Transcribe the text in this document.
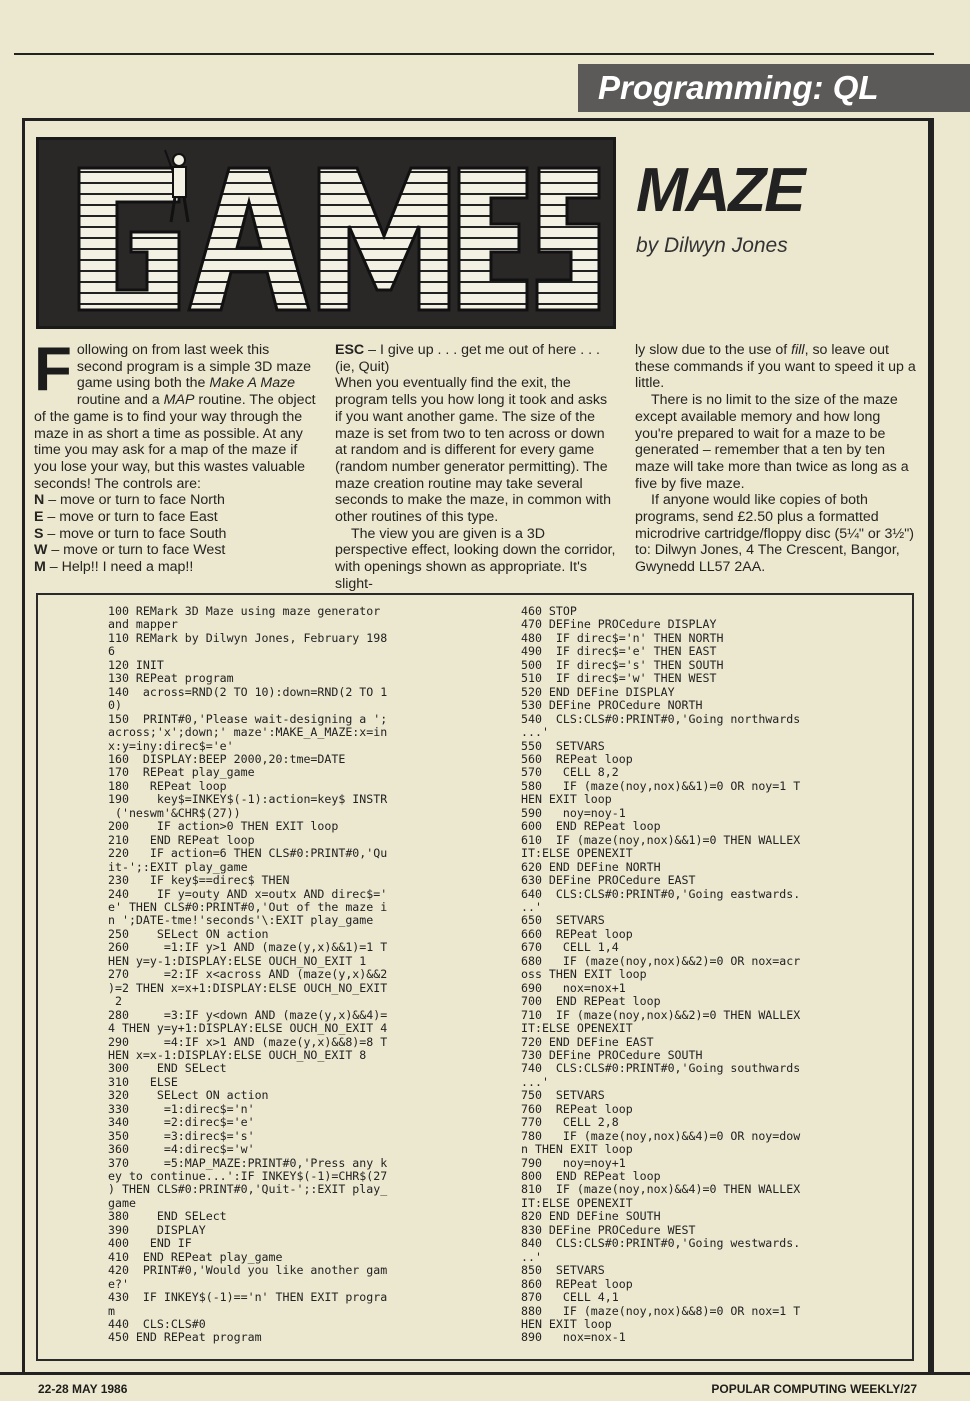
Programming: QL
MAZE
by Dilwyn Jones

Following on from last week this second program is a simple 3D maze game using both the Make A Maze routine and a MAP routine. The object of the game is to find your way through the maze in as short a time as possible. At any time you may ask for a map of the maze if you lose your way, but this wastes valuable seconds! The controls are:

N – move or turn to face North

E – move or turn to face East

S – move or turn to face South

W – move or turn to face West

M – Help!! I need a map!!

ESC – I give up . . . get me out of here . . . (ie, Quit)

When you eventually find the exit, the program tells you how long it took and asks if you want another game. The size of the maze is set from two to ten across or down at random and is different for every game (random number generator permitting). The maze creation routine may take several seconds to make the maze, in common with other routines of this type.

The view you are given is a 3D perspective effect, looking down the corridor, with openings shown as appropriate. It's slight-

ly slow due to the use of fill, so leave out these commands if you want to speed it up a little.

There is no limit to the size of the maze except available memory and how long you're prepared to wait for a maze to be generated – remember that a ten by ten maze will take more than twice as long as a five by five maze.

If anyone would like copies of both programs, send £2.50 plus a formatted microdrive cartridge/floppy disc (5¼" or 3½") to: Dilwyn Jones, 4 The Crescent, Bangor, Gwynedd LL57 2AA.

100 REMark 3D Maze using maze generator
and mapper
110 REMark by Dilwyn Jones, February 198
6
120 INIT
130 REPeat program
140  across=RND(2 TO 10):down=RND(2 TO 1
0)
150  PRINT#0,'Please wait-designing a ';
across;'x';down;' maze':MAKE_A_MAZE:x=in
x:y=iny:direc$='e'
160  DISPLAY:BEEP 2000,20:tme=DATE
170  REPeat play_game
180   REPeat loop
190    key$=INKEY$(-1):action=key$ INSTR
('neswm'&CHR$(27))
200    IF action>0 THEN EXIT loop
210   END REPeat loop
220   IF action=6 THEN CLS#0:PRINT#0,'Qu
it-';:EXIT play_game
230   IF key$==direc$ THEN
240    IF y=outy AND x=outx AND direc$='
e' THEN CLS#0:PRINT#0,'Out of the maze i
n ';DATE-tme!'seconds'\:EXIT play_game
250    SELect ON action
260     =1:IF y>1 AND (maze(y,x)&&1)=1 T
HEN y=y-1:DISPLAY:ELSE OUCH_NO_EXIT 1
270     =2:IF x<across AND (maze(y,x)&&2
)=2 THEN x=x+1:DISPLAY:ELSE OUCH_NO_EXIT
2
280     =3:IF y<down AND (maze(y,x)&&4)=
4 THEN y=y+1:DISPLAY:ELSE OUCH_NO_EXIT 4
290     =4:IF x>1 AND (maze(y,x)&&8)=8 T
HEN x=x-1:DISPLAY:ELSE OUCH_NO_EXIT 8
300    END SELect
310   ELSE
320    SELect ON action
330     =1:direc$='n'
340     =2:direc$='e'
350     =3:direc$='s'
360     =4:direc$='w'
370     =5:MAP_MAZE:PRINT#0,'Press any k
ey to continue...':IF INKEY$(-1)=CHR$(27
) THEN CLS#0:PRINT#0,'Quit-';:EXIT play_
game
380    END SELect
390    DISPLAY
400   END IF
410  END REPeat play_game
420  PRINT#0,'Would you like another gam
e?'
430  IF INKEY$(-1)=='n' THEN EXIT progra
m
440  CLS:CLS#0
450 END REPeat program

460 STOP
470 DEFine PROCedure DISPLAY
480  IF direc$='n' THEN NORTH
490  IF direc$='e' THEN EAST
500  IF direc$='s' THEN SOUTH
510  IF direc$='w' THEN WEST
520 END DEFine DISPLAY
530 DEFine PROCedure NORTH
540  CLS:CLS#0:PRINT#0,'Going northwards
...'
550  SETVARS
560  REPeat loop
570   CELL 8,2
580   IF (maze(noy,nox)&&1)=0 OR noy=1 T
HEN EXIT loop
590   noy=noy-1
600  END REPeat loop
610  IF (maze(noy,nox)&&1)=0 THEN WALLEX
IT:ELSE OPENEXIT
620 END DEFine NORTH
630 DEFine PROCedure EAST
640  CLS:CLS#0:PRINT#0,'Going eastwards.
..'
650  SETVARS
660  REPeat loop
670   CELL 1,4
680   IF (maze(noy,nox)&&2)=0 OR nox=acr
oss THEN EXIT loop
690   nox=nox+1
700  END REPeat loop
710  IF (maze(noy,nox)&&2)=0 THEN WALLEX
IT:ELSE OPENEXIT
720 END DEFine EAST
730 DEFine PROCedure SOUTH
740  CLS:CLS#0:PRINT#0,'Going southwards
...'
750  SETVARS
760  REPeat loop
770   CELL 2,8
780   IF (maze(noy,nox)&&4)=0 OR noy=dow
n THEN EXIT loop
790   noy=noy+1
800  END REPeat loop
810  IF (maze(noy,nox)&&4)=0 THEN WALLEX
IT:ELSE OPENEXIT
820 END DEFine SOUTH
830 DEFine PROCedure WEST
840  CLS:CLS#0:PRINT#0,'Going westwards.
..'
850  SETVARS
860  REPeat loop
870   CELL 4,1
880   IF (maze(noy,nox)&&8)=0 OR nox=1 T
HEN EXIT loop
890   nox=nox-1

22-28 MAY 1986	POPULAR COMPUTING WEEKLY/27
